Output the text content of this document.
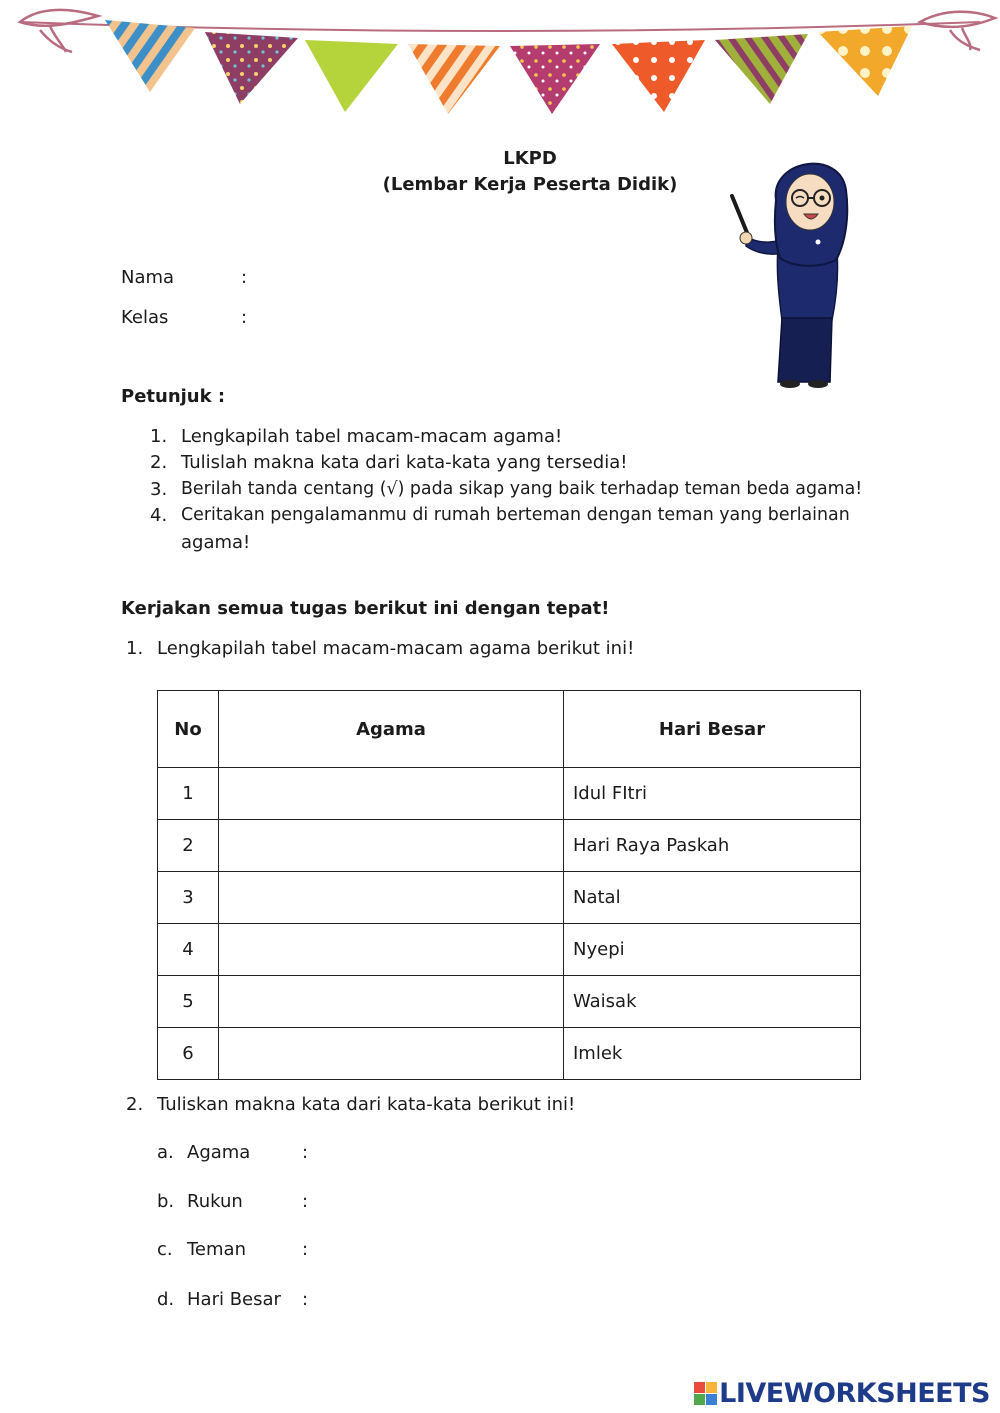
LKPD
(Lembar Kerja Peserta Didik)
Nama	:
Kelas	:
Petunjuk :
1. Lengkapilah tabel macam-macam agama!
2. Tulislah makna kata dari kata-kata yang tersedia!
3. Berilah tanda centang (√) pada sikap yang baik terhadap teman beda agama!
4. Ceritakan pengalamanmu di rumah berteman dengan teman yang berlainan
agama!
Kerjakan semua tugas berikut ini dengan tepat!
1. Lengkapilah tabel macam-macam agama berikut ini!
No	Agama	Hari Besar
1		Idul FItri
2		Hari Raya Paskah
3		Natal
4		Nyepi
5		Waisak
6		Imlek
2. Tuliskan makna kata dari kata-kata berikut ini!
a. Agama	:
b. Rukun	:
c. Teman	:
d. Hari Besar :
LIVEWORKSHEETS
